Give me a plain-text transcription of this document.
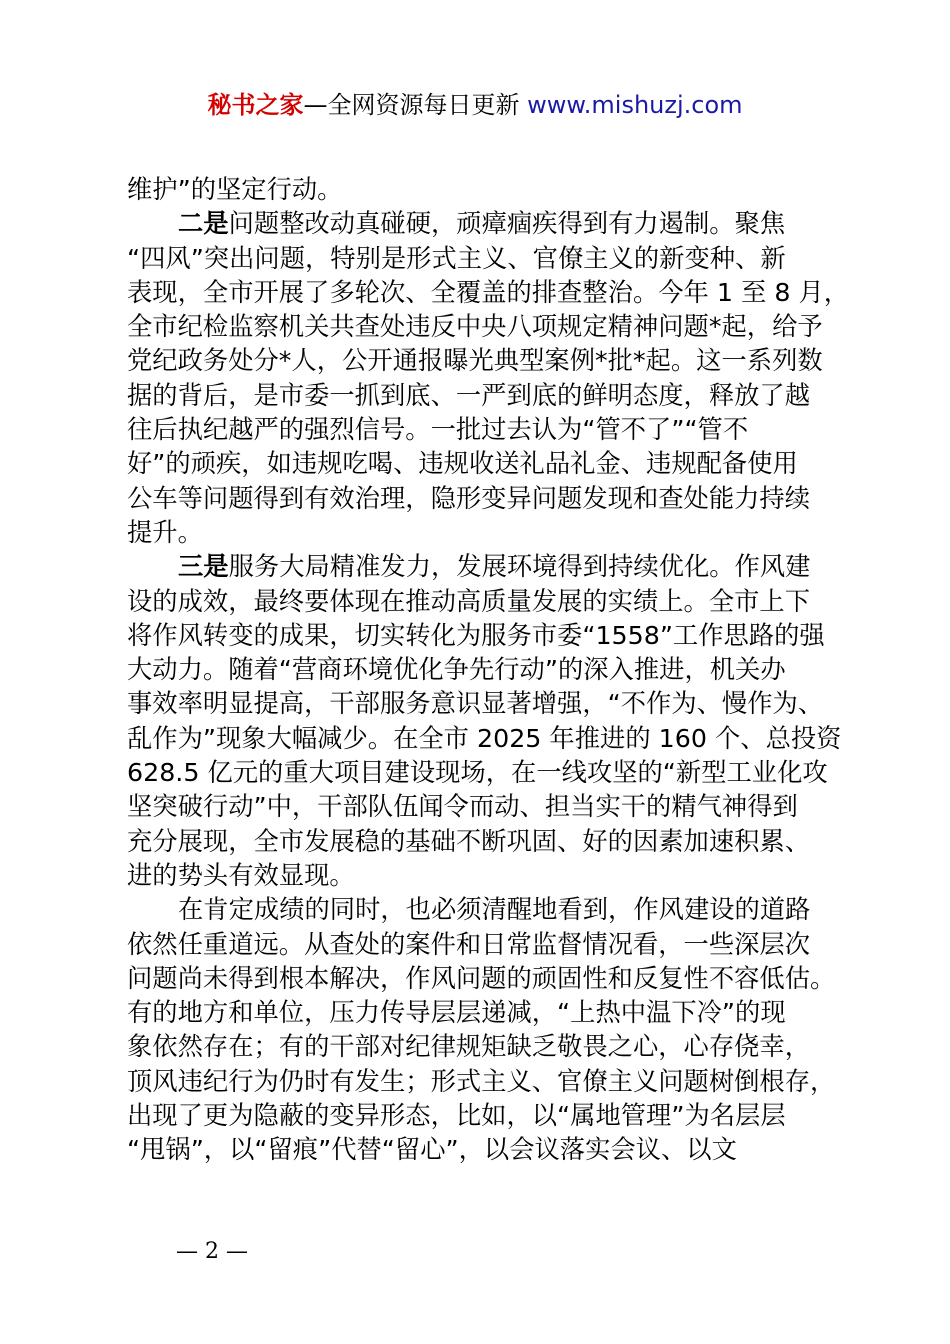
秘书之家—全网资源每日更新 www.mishuzj.com
维护”的坚定行动。
二是问题整改动真碰硬，顽瘴痼疾得到有力遏制。聚焦
“四风”突出问题，特别是形式主义、官僚主义的新变种、新
表现，全市开展了多轮次、全覆盖的排查整治。今年 1 至 8 月，
全市纪检监察机关共查处违反中央八项规定精神问题*起，给予
党纪政务处分*人，公开通报曝光典型案例*批*起。这一系列数
据的背后，是市委一抓到底、一严到底的鲜明态度，释放了越
往后执纪越严的强烈信号。一批过去认为“管不了”“管不
好”的顽疾，如违规吃喝、违规收送礼品礼金、违规配备使用
公车等问题得到有效治理，隐形变异问题发现和查处能力持续
提升。
三是服务大局精准发力，发展环境得到持续优化。作风建
设的成效，最终要体现在推动高质量发展的实绩上。全市上下
将作风转变的成果，切实转化为服务市委“1558”工作思路的强
大动力。随着“营商环境优化争先行动”的深入推进，机关办
事效率明显提高，干部服务意识显著增强，“不作为、慢作为、
乱作为”现象大幅减少。在全市 2025 年推进的 160 个、总投资
628.5 亿元的重大项目建设现场，在一线攻坚的“新型工业化攻
坚突破行动”中，干部队伍闻令而动、担当实干的精气神得到
充分展现，全市发展稳的基础不断巩固、好的因素加速积累、
进的势头有效显现。
在肯定成绩的同时，也必须清醒地看到，作风建设的道路
依然任重道远。从查处的案件和日常监督情况看，一些深层次
问题尚未得到根本解决，作风问题的顽固性和反复性不容低估。
有的地方和单位，压力传导层层递减，“上热中温下冷”的现
象依然存在；有的干部对纪律规矩缺乏敬畏之心，心存侥幸，
顶风违纪行为仍时有发生；形式主义、官僚主义问题树倒根存，
出现了更为隐蔽的变异形态，比如，以“属地管理”为名层层
“甩锅”，以“留痕”代替“留心”，以会议落实会议、以文
— 2 —
